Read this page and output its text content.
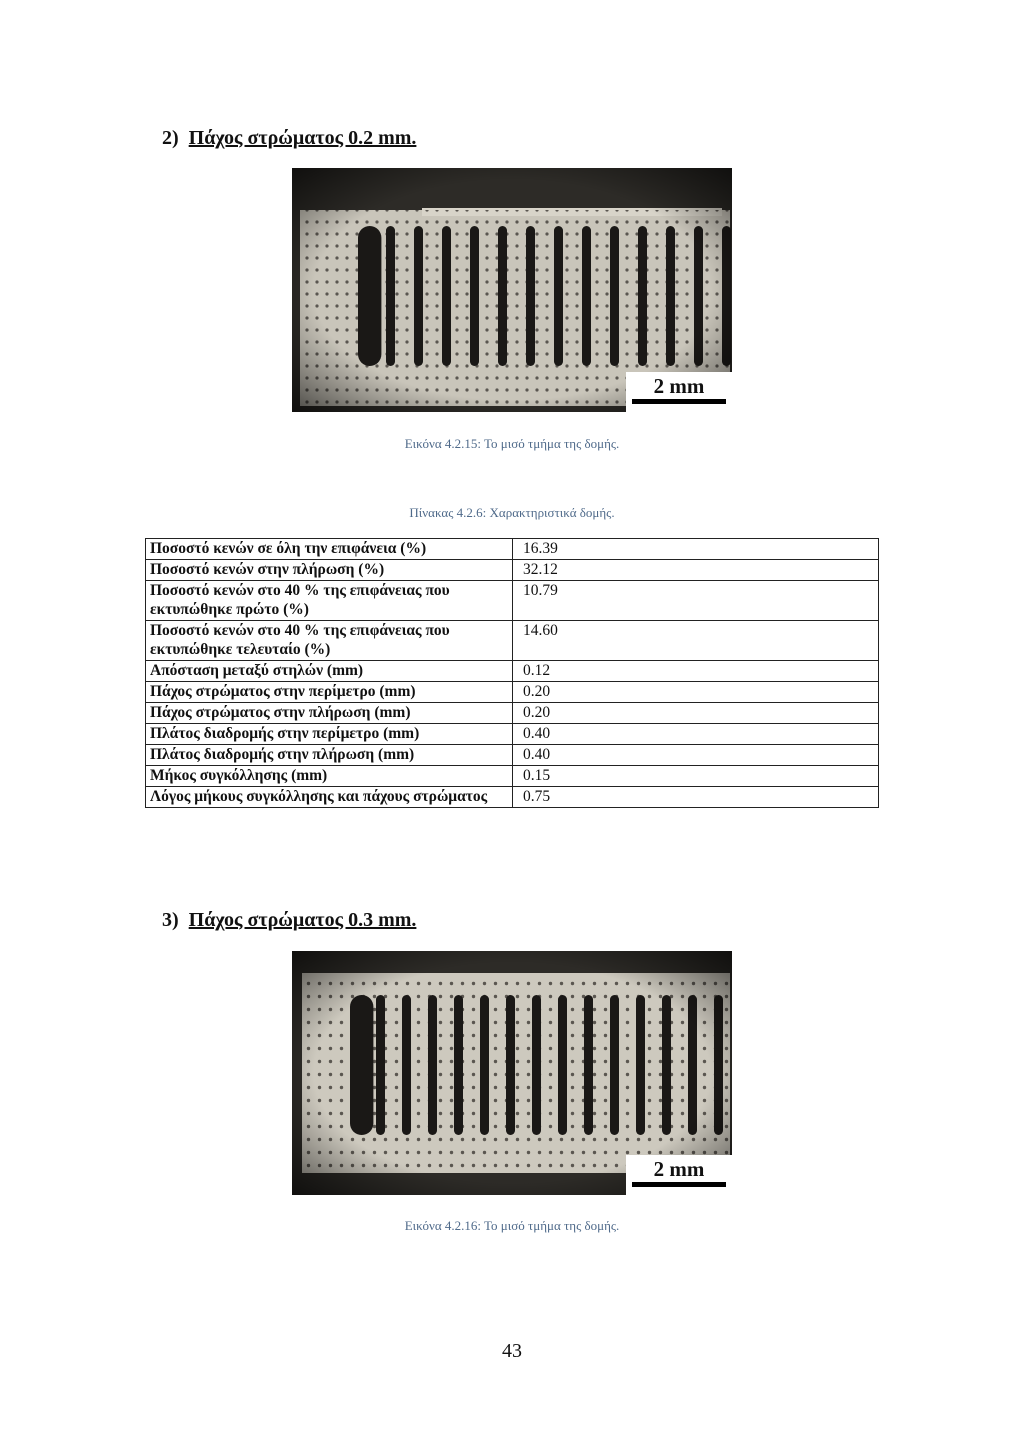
2) Πάχος στρώματος 0.2 mm.
2 mm
Εικόνα 4.2.15: Το μισό τμήμα της δομής.
Πίνακας 4.2.6: Χαρακτηριστικά δομής.
Ποσοστό κενών σε όλη την επιφάνεια (%)	16.39
Ποσοστό κενών στην πλήρωση (%)	32.12
Ποσοστό κενών στο 40 % της επιφάνειας που εκτυπώθηκε πρώτο (%)	10.79
Ποσοστό κενών στο 40 % της επιφάνειας που εκτυπώθηκε τελευταίο (%)	14.60
Απόσταση μεταξύ στηλών (mm)	0.12
Πάχος στρώματος στην περίμετρο (mm)	0.20
Πάχος στρώματος στην πλήρωση (mm)	0.20
Πλάτος διαδρομής στην περίμετρο (mm)	0.40
Πλάτος διαδρομής στην πλήρωση (mm)	0.40
Μήκος συγκόλλησης (mm)	0.15
Λόγος μήκους συγκόλλησης και πάχους στρώματος	0.75
3) Πάχος στρώματος 0.3 mm.
2 mm
Εικόνα 4.2.16: Το μισό τμήμα της δομής.
43
